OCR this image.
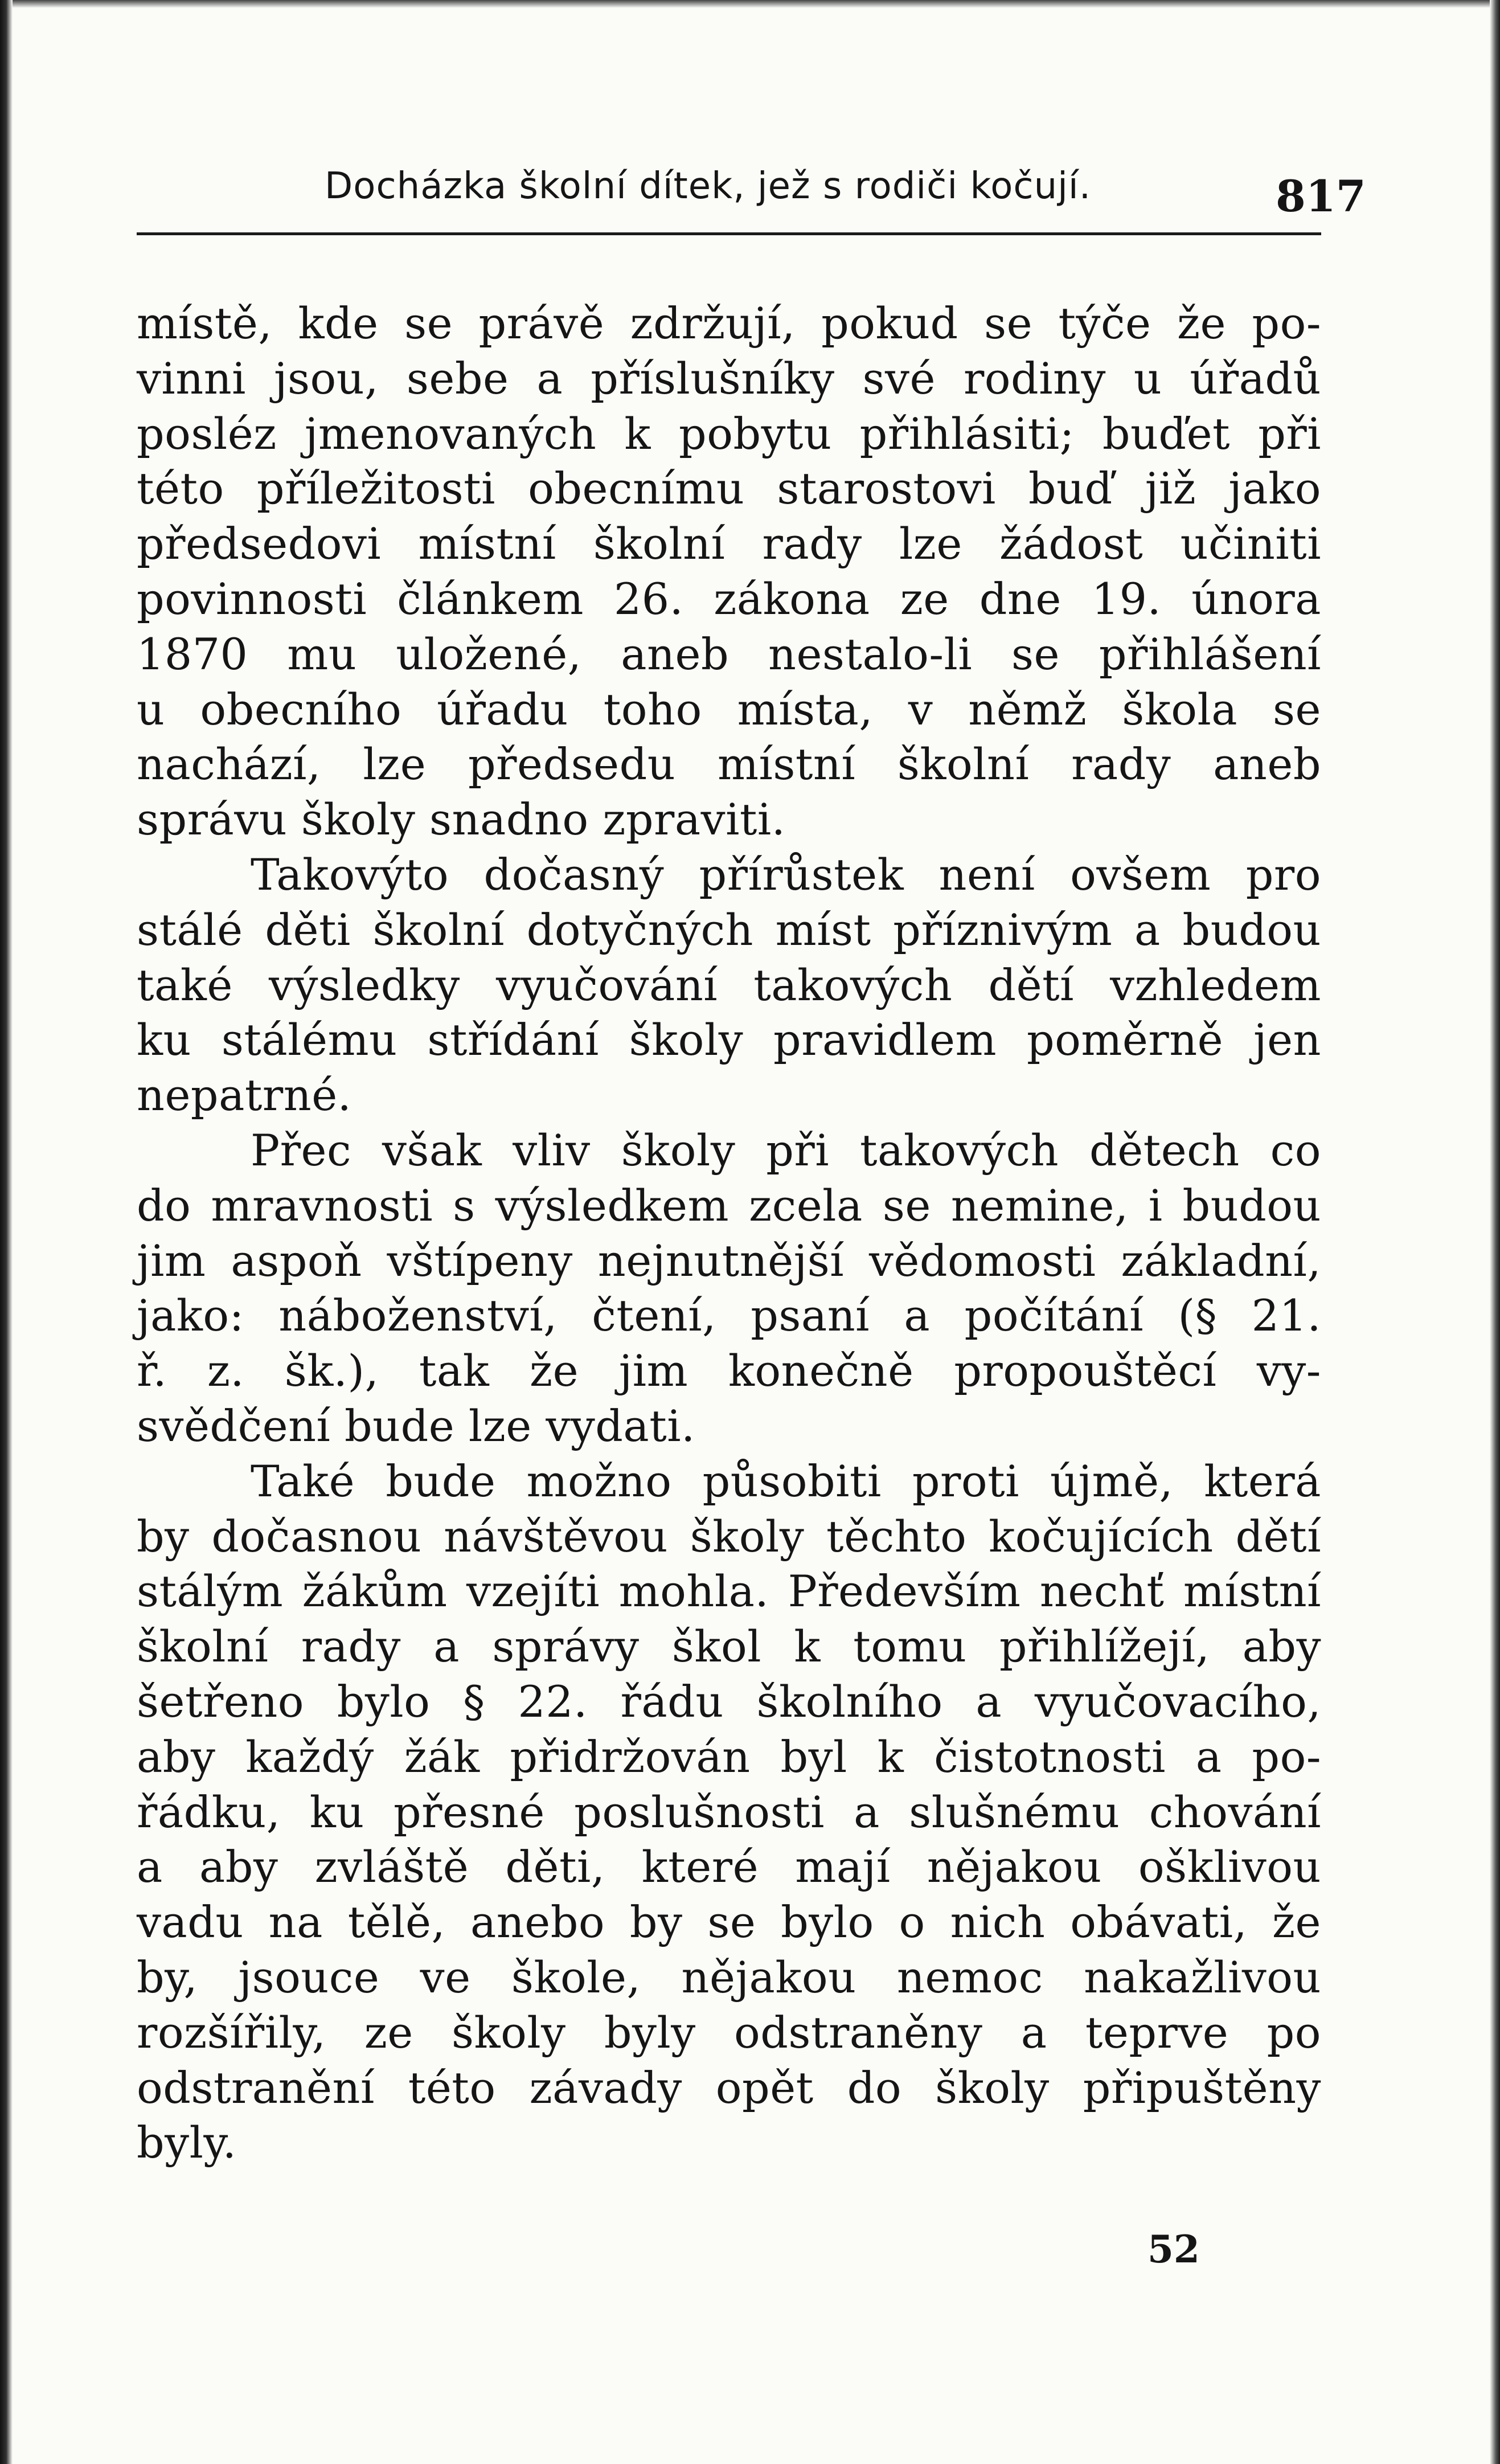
Docházka školní dítek, jež s rodiči kočují.	817
místě, kde se právě zdržují, pokud se týče že po-
vinni jsou, sebe a příslušníky své rodiny u úřadů
posléz jmenovaných k pobytu přihlásiti; buďet při
této příležitosti obecnímu starostovi buď již jako
předsedovi místní školní rady lze žádost učiniti
povinnosti článkem 26. zákona ze dne 19. února
1870 mu uložené, aneb nestalo-li se přihlášení
u obecního úřadu toho místa, v němž škola se
nachází, lze předsedu místní školní rady aneb
správu školy snadno zpraviti.
Takovýto dočasný přírůstek není ovšem pro
stálé děti školní dotyčných míst příznivým a budou
také výsledky vyučování takových dětí vzhledem
ku stálému střídání školy pravidlem poměrně jen
nepatrné.
Přec však vliv školy při takových dětech co
do mravnosti s výsledkem zcela se nemine, i budou
jim aspoň vštípeny nejnutnější vědomosti základní,
jako: náboženství, čtení, psaní a počítání (§ 21.
ř. z. šk.), tak že jim konečně propouštěcí vy-
svědčení bude lze vydati.
Také bude možno působiti proti újmě, která
by dočasnou návštěvou školy těchto kočujících dětí
stálým žákům vzejíti mohla. Především nechť místní
školní rady a správy škol k tomu přihlížejí, aby
šetřeno bylo § 22. řádu školního a vyučovacího,
aby každý žák přidržován byl k čistotnosti a po-
řádku, ku přesné poslušnosti a slušnému chování
a aby zvláště děti, které mají nějakou ošklivou
vadu na tělě, anebo by se bylo o nich obávati, že
by, jsouce ve škole, nějakou nemoc nakažlivou
rozšířily, ze školy byly odstraněny a teprve po
odstranění této závady opět do školy připuštěny
byly.
52
